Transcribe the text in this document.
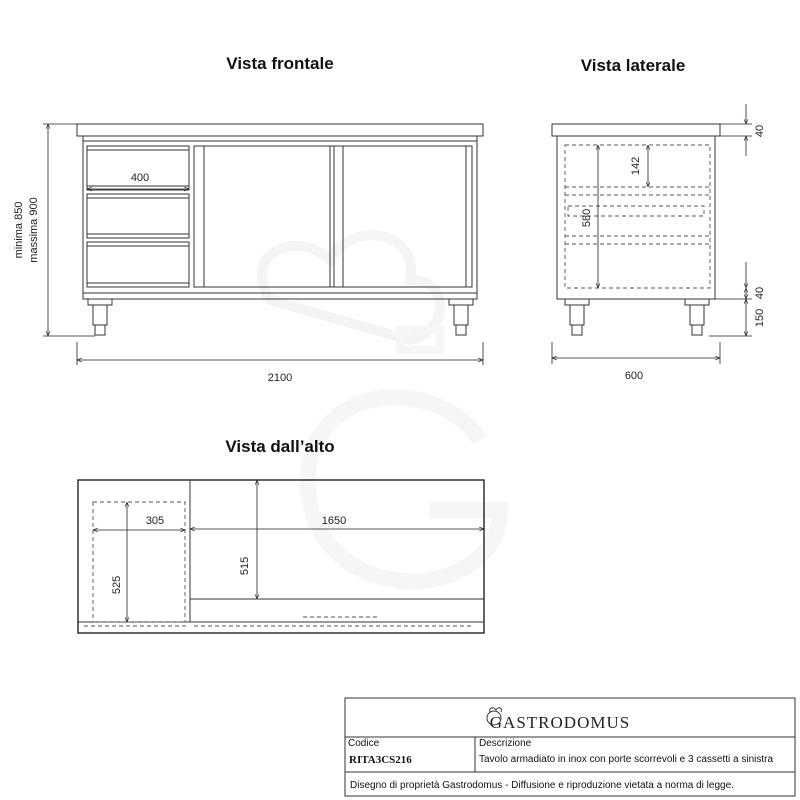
Vista frontale
400
2100
minima 850 massima 900
Vista laterale
142
580
40
40
150
600
Vista dall’alto
305
525
1650
515
GASTRODOMUS
Codice
RITA3CS216
Descrizione
Tavolo armadiato in inox con porte scorrevoli e 3 cassetti a sinistra
Disegno di proprietà Gastrodomus - Diffusione e riproduzione vietata a norma di legge.
